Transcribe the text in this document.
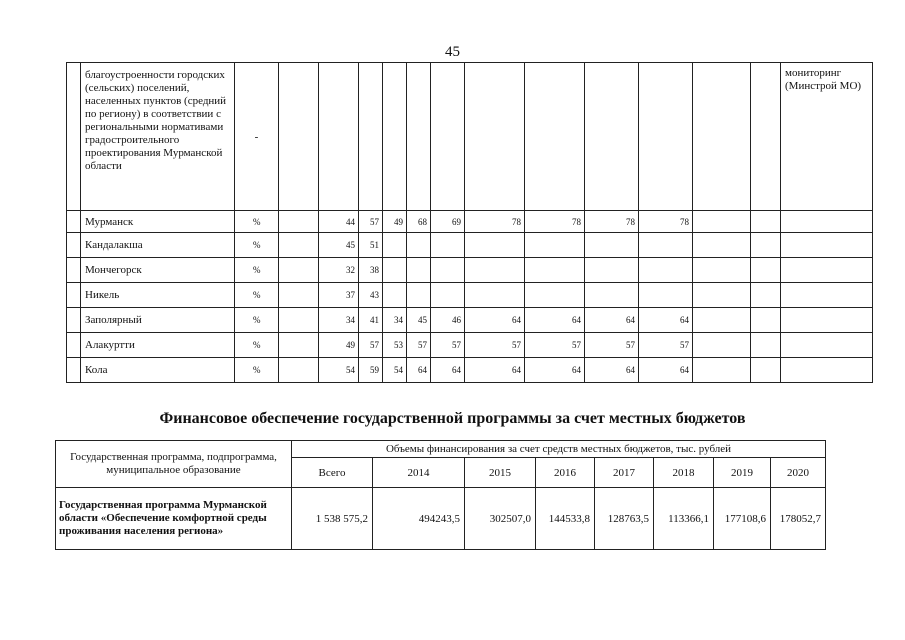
45
	благоустроенности городских (сельских) поселений, населенных пунктов (средний по региону) в соответствии с региональными нормативами градостроительного проектирования Мурманской области	-													мониторинг (Минстрой МО)
	Мурманск	%		44	57	49	68	69	78	78	78	78			
	Кандалакша	%		45	51										
	Мончегорск	%		32	38										
	Никель	%		37	43										
	Заполярный	%		34	41	34	45	46	64	64	64	64			
	Алакуртти	%		49	57	53	57	57	57	57	57	57			
	Кола	%		54	59	54	64	64	64	64	64	64			
Финансовое обеспечение государственной программы за счет местных бюджетов
Государственная программа, подпрограмма, муниципальное образование	Объемы финансирования за счет средств местных бюджетов, тыс. рублей							
	Всего	2014	2015	2016	2017	2018	2019	2020
Государственная программа Мурманской области «Обеспечение комфортной среды проживания населения региона»	1 538 575,2	494243,5	302507,0	144533,8	128763,5	113366,1	177108,6	178052,7
